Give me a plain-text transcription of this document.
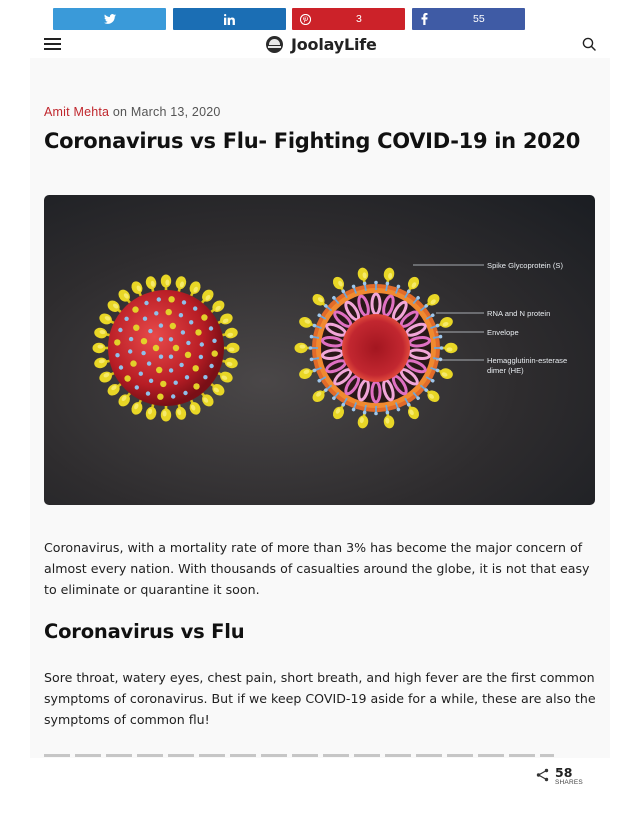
JoolayLife
Amit Mehta on March 13, 2020
Coronavirus vs Flu- Fighting COVID-19 in 2020
Spike Glycoprotein (S)
RNA and N protein
Envelope
Hemagglutinin-esterase
dimer (HE)

Coronavirus, with a mortality rate of more than 3% has become the major concern of almost every nation. With thousands of casualties around the globe, it is not that easy to eliminate or quarantine it soon.

Coronavirus vs Flu

Sore throat, watery eyes, chest pain, short breath, and high fever are the first common symptoms of coronavirus. But if we keep COVID-19 aside for a while, these are also the symptoms of common flu!

3	55
58
SHARES
